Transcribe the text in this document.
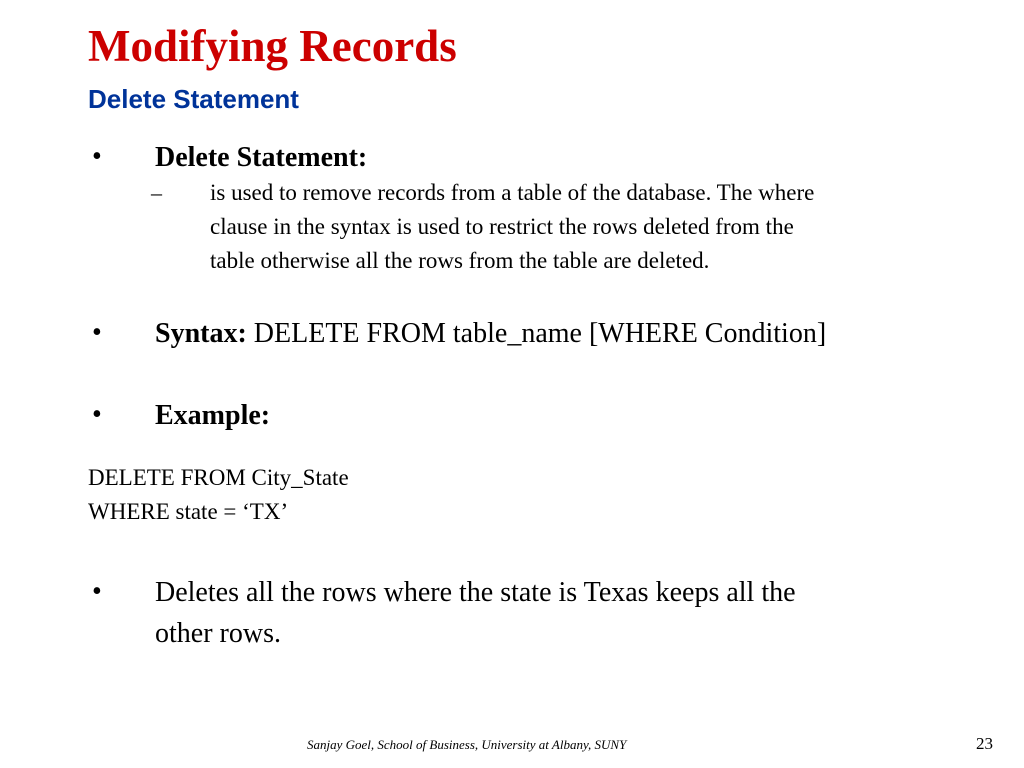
Modifying Records
Delete Statement
• Delete Statement:
– is used to remove records from a table of the database. The where
clause in the syntax is used to restrict the rows deleted from the
table otherwise all the rows from the table are deleted.
• Syntax: DELETE FROM table_name [WHERE Condition]
• Example:
DELETE FROM City_State
WHERE state = ‘TX’
• Deletes all the rows where the state is Texas keeps all the
other rows.
Sanjay Goel, School of Business, University at Albany, SUNY	23
